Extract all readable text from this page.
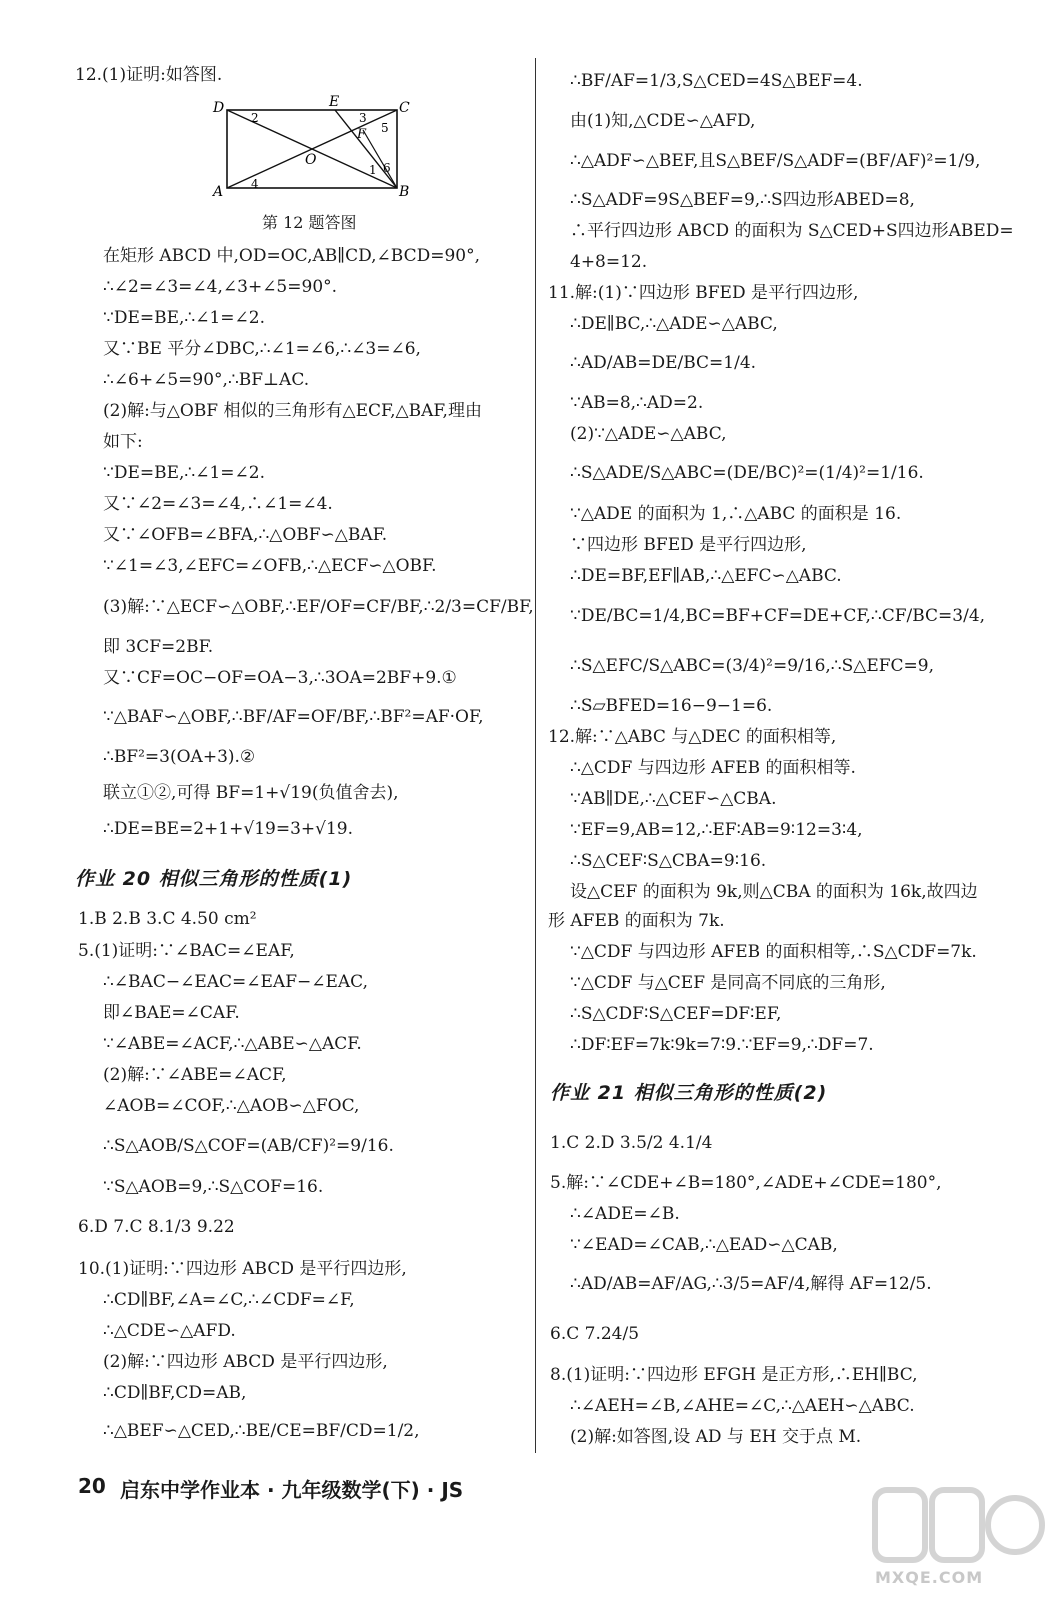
12.(1)证明:如答图.
D	E	C
A	B
O
F
1
2	3
4
5
6
第 12 题答图
在矩形 ABCD 中,OD=OC,AB∥CD,∠BCD=90°,
∴∠2=∠3=∠4,∠3+∠5=90°.
∵DE=BE,∴∠1=∠2.
又∵BE 平分∠DBC,∴∠1=∠6,∴∠3=∠6,
∴∠6+∠5=90°,∴BF⊥AC.
(2)解:与△OBF 相似的三角形有△ECF,△BAF,理由
如下:
∵DE=BE,∴∠1=∠2.
又∵∠2=∠3=∠4,∴∠1=∠4.
又∵∠OFB=∠BFA,∴△OBF∽△BAF.
∵∠1=∠3,∠EFC=∠OFB,∴△ECF∽△OBF.
(3)解:∵△ECF∽△OBF,∴EF/OF=CF/BF,∴2/3=CF/BF,
即 3CF=2BF.
又∵CF=OC−OF=OA−3,∴3OA=2BF+9.①
∵△BAF∽△OBF,∴BF/AF=OF/BF,∴BF²=AF·OF,
∴BF²=3(OA+3).②
联立①②,可得 BF=1+√19(负值舍去),
∴DE=BE=2+1+√19=3+√19.
作业 20 相似三角形的性质(1)
1.B 2.B 3.C 4.50 cm²
5.(1)证明:∵∠BAC=∠EAF,
∴∠BAC−∠EAC=∠EAF−∠EAC,
即∠BAE=∠CAF.
∵∠ABE=∠ACF,∴△ABE∽△ACF.
(2)解:∵∠ABE=∠ACF,
∠AOB=∠COF,∴△AOB∽△FOC,
∴S△AOB/S△COF=(AB/CF)²=9/16.
∵S△AOB=9,∴S△COF=16.
6.D 7.C 8.1/3 9.22
10.(1)证明:∵四边形 ABCD 是平行四边形,
∴CD∥BF,∠A=∠C,∴∠CDF=∠F,
∴△CDE∽△AFD.
(2)解:∵四边形 ABCD 是平行四边形,
∴CD∥BF,CD=AB,
∴△BEF∽△CED,∴BE/CE=BF/CD=1/2,
∴BF/AF=1/3,S△CED=4S△BEF=4.
由(1)知,△CDE∽△AFD,
∴△ADF∽△BEF,且S△BEF/S△ADF=(BF/AF)²=1/9,
∴S△ADF=9S△BEF=9,∴S四边形ABED=8,
∴平行四边形 ABCD 的面积为 S△CED+S四边形ABED=
4+8=12.
11.解:(1)∵四边形 BFED 是平行四边形,
∴DE∥BC,∴△ADE∽△ABC,
∴AD/AB=DE/BC=1/4.
∵AB=8,∴AD=2.
(2)∵△ADE∽△ABC,
∴S△ADE/S△ABC=(DE/BC)²=(1/4)²=1/16.
∵△ADE 的面积为 1,∴△ABC 的面积是 16.
∵四边形 BFED 是平行四边形,
∴DE=BF,EF∥AB,∴△EFC∽△ABC.
∵DE/BC=1/4,BC=BF+CF=DE+CF,∴CF/BC=3/4,
∴S△EFC/S△ABC=(3/4)²=9/16,∴S△EFC=9,
∴S▱BFED=16−9−1=6.
12.解:∵△ABC 与△DEC 的面积相等,
∴△CDF 与四边形 AFEB 的面积相等.
∵AB∥DE,∴△CEF∽△CBA.
∵EF=9,AB=12,∴EF∶AB=9∶12=3∶4,
∴S△CEF∶S△CBA=9∶16.
设△CEF 的面积为 9k,则△CBA 的面积为 16k,故四边
形 AFEB 的面积为 7k.
∵△CDF 与四边形 AFEB 的面积相等,∴S△CDF=7k.
∵△CDF 与△CEF 是同高不同底的三角形,
∴S△CDF∶S△CEF=DF∶EF,
∴DF∶EF=7k∶9k=7∶9.∵EF=9,∴DF=7.
作业 21 相似三角形的性质(2)
1.C 2.D 3.5/2 4.1/4
5.解:∵∠CDE+∠B=180°,∠ADE+∠CDE=180°,
∴∠ADE=∠B.
∵∠EAD=∠CAB,∴△EAD∽△CAB,
∴AD/AB=AF/AG,∴3/5=AF/4,解得 AF=12/5.
6.C 7.24/5
8.(1)证明:∵四边形 EFGH 是正方形,∴EH∥BC,
∴∠AEH=∠B,∠AHE=∠C,∴△AEH∽△ABC.
(2)解:如答图,设 AD 与 EH 交于点 M.
20 启东中学作业本 · 九年级数学(下) · JS
MXQE.COM
